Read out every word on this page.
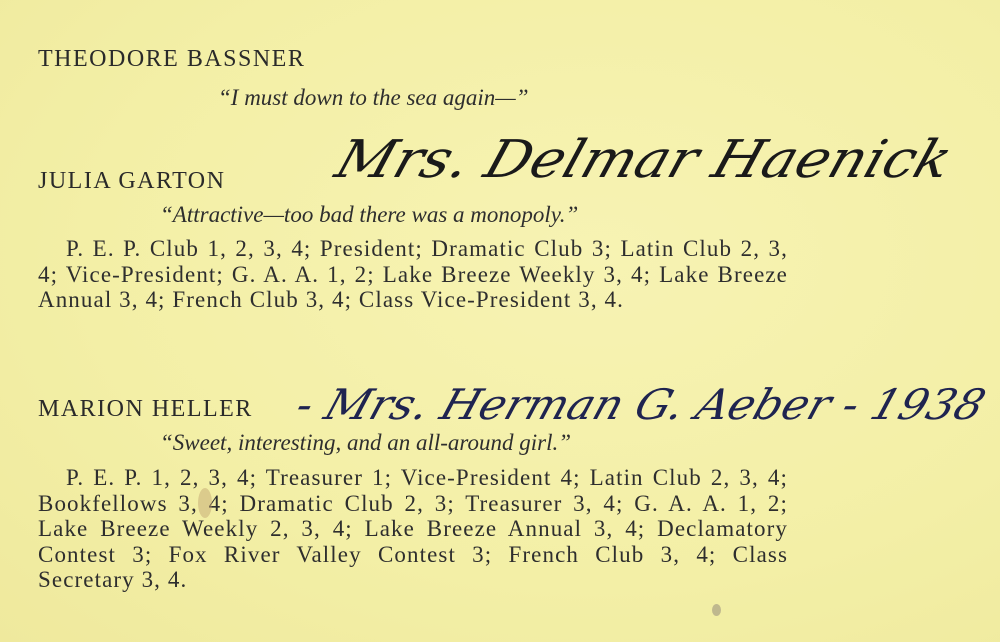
THEODORE BASSNER
“I must down to the sea again—”
JULIA GARTON Mrs. Delmar Haenick
“Attractive—too bad there was a monopoly.”

P. E. P. Club 1, 2, 3, 4; President; Dramatic Club 3; Latin Club 2, 3, 4; Vice-President; G. A. A. 1, 2; Lake Breeze Weekly 3, 4; Lake Breeze Annual 3, 4; French Club 3, 4; Class Vice-President 3, 4.

MARION HELLER - Mrs. Herman G. Aeber - 1938
“Sweet, interesting, and an all-around girl.”

P. E. P. 1, 2, 3, 4; Treasurer 1; Vice-President 4; Latin Club 2, 3, 4; Bookfellows 3, 4; Dramatic Club 2, 3; Treasurer 3, 4; G. A. A. 1, 2; Lake Breeze Weekly 2, 3, 4; Lake Breeze Annual 3, 4; Declamatory Contest 3; Fox River Valley Contest 3; French Club 3, 4; Class Secretary 3, 4.
